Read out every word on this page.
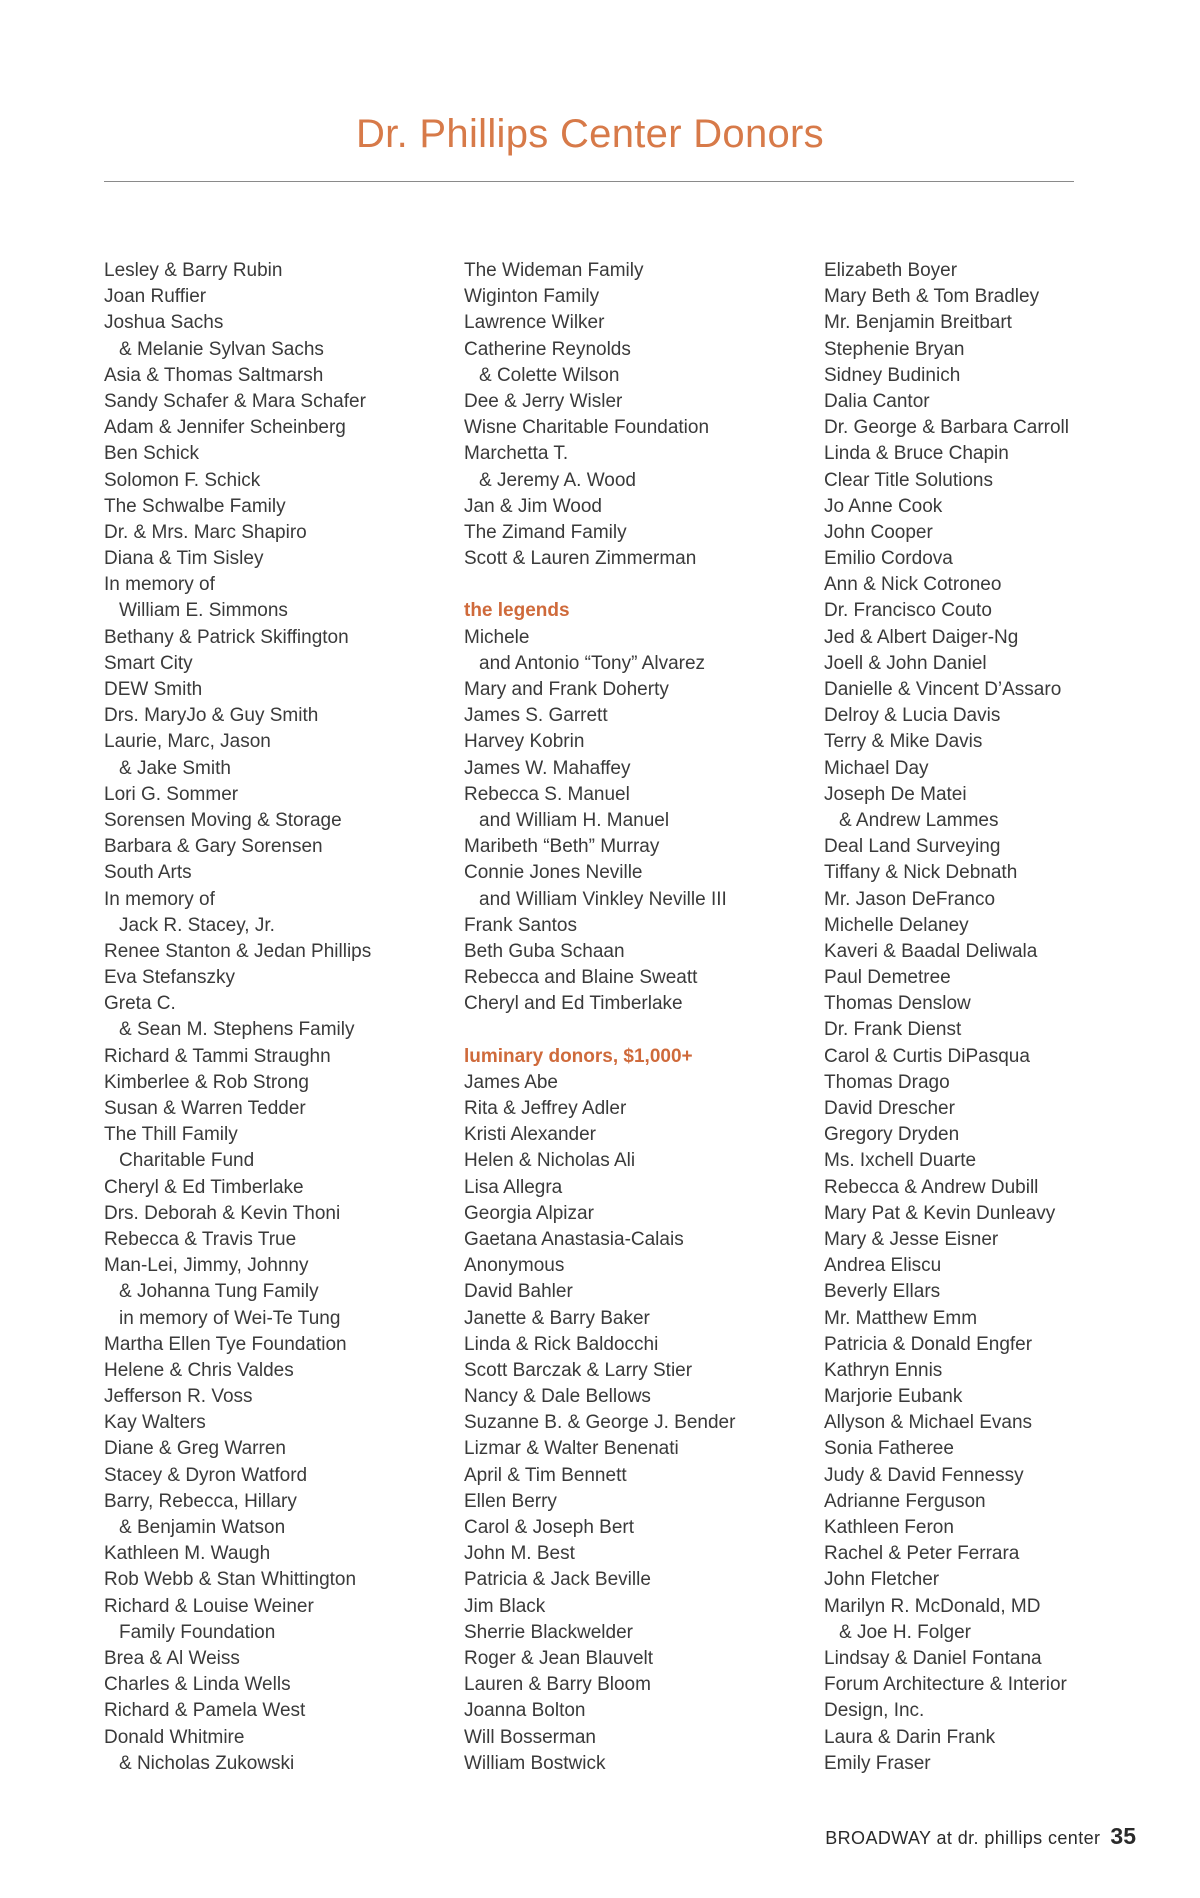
Dr. Phillips Center Donors
Lesley & Barry Rubin
Joan Ruffier
Joshua Sachs
& Melanie Sylvan Sachs
Asia & Thomas Saltmarsh
Sandy Schafer & Mara Schafer
Adam & Jennifer Scheinberg
Ben Schick
Solomon F. Schick
The Schwalbe Family
Dr. & Mrs. Marc Shapiro
Diana & Tim Sisley
In memory of
William E. Simmons
Bethany & Patrick Skiffington
Smart City
DEW Smith
Drs. MaryJo & Guy Smith
Laurie, Marc, Jason
& Jake Smith
Lori G. Sommer
Sorensen Moving & Storage
Barbara & Gary Sorensen
South Arts
In memory of
Jack R. Stacey, Jr.
Renee Stanton & Jedan Phillips
Eva Stefanszky
Greta C.
& Sean M. Stephens Family
Richard & Tammi Straughn
Kimberlee & Rob Strong
Susan & Warren Tedder
The Thill Family
Charitable Fund
Cheryl & Ed Timberlake
Drs. Deborah & Kevin Thoni
Rebecca & Travis True
Man-Lei, Jimmy, Johnny
& Johanna Tung Family
in memory of Wei-Te Tung
Martha Ellen Tye Foundation
Helene & Chris Valdes
Jefferson R. Voss
Kay Walters
Diane & Greg Warren
Stacey & Dyron Watford
Barry, Rebecca, Hillary
& Benjamin Watson
Kathleen M. Waugh
Rob Webb & Stan Whittington
Richard & Louise Weiner
Family Foundation
Brea & Al Weiss
Charles & Linda Wells
Richard & Pamela West
Donald Whitmire
& Nicholas Zukowski
The Wideman Family
Wiginton Family
Lawrence Wilker
Catherine Reynolds
& Colette Wilson
Dee & Jerry Wisler
Wisne Charitable Foundation
Marchetta T.
& Jeremy A. Wood
Jan & Jim Wood
The Zimand Family
Scott & Lauren Zimmerman
the legends
Michele
and Antonio “Tony” Alvarez
Mary and Frank Doherty
James S. Garrett
Harvey Kobrin
James W. Mahaffey
Rebecca S. Manuel
and William H. Manuel
Maribeth “Beth” Murray
Connie Jones Neville
and William Vinkley Neville III
Frank Santos
Beth Guba Schaan
Rebecca and Blaine Sweatt
Cheryl and Ed Timberlake
luminary donors, $1,000+
James Abe
Rita & Jeffrey Adler
Kristi Alexander
Helen & Nicholas Ali
Lisa Allegra
Georgia Alpizar
Gaetana Anastasia-Calais
Anonymous
David Bahler
Janette & Barry Baker
Linda & Rick Baldocchi
Scott Barczak & Larry Stier
Nancy & Dale Bellows
Suzanne B. & George J. Bender
Lizmar & Walter Benenati
April & Tim Bennett
Ellen Berry
Carol & Joseph Bert
John M. Best
Patricia & Jack Beville
Jim Black
Sherrie Blackwelder
Roger & Jean Blauvelt
Lauren & Barry Bloom
Joanna Bolton
Will Bosserman
William Bostwick
Elizabeth Boyer
Mary Beth & Tom Bradley
Mr. Benjamin Breitbart
Stephenie Bryan
Sidney Budinich
Dalia Cantor
Dr. George & Barbara Carroll
Linda & Bruce Chapin
Clear Title Solutions
Jo Anne Cook
John Cooper
Emilio Cordova
Ann & Nick Cotroneo
Dr. Francisco Couto
Jed & Albert Daiger-Ng
Joell & John Daniel
Danielle & Vincent D’Assaro
Delroy & Lucia Davis
Terry & Mike Davis
Michael Day
Joseph De Matei
& Andrew Lammes
Deal Land Surveying
Tiffany & Nick Debnath
Mr. Jason DeFranco
Michelle Delaney
Kaveri & Baadal Deliwala
Paul Demetree
Thomas Denslow
Dr. Frank Dienst
Carol & Curtis DiPasqua
Thomas Drago
David Drescher
Gregory Dryden
Ms. Ixchell Duarte
Rebecca & Andrew Dubill
Mary Pat & Kevin Dunleavy
Mary & Jesse Eisner
Andrea Eliscu
Beverly Ellars
Mr. Matthew Emm
Patricia & Donald Engfer
Kathryn Ennis
Marjorie Eubank
Allyson & Michael Evans
Sonia Fatheree
Judy & David Fennessy
Adrianne Ferguson
Kathleen Feron
Rachel & Peter Ferrara
John Fletcher
Marilyn R. McDonald, MD
& Joe H. Folger
Lindsay & Daniel Fontana
Forum Architecture & Interior
Design, Inc.
Laura & Darin Frank
Emily Fraser
BROADWAY at dr. phillips center 35
